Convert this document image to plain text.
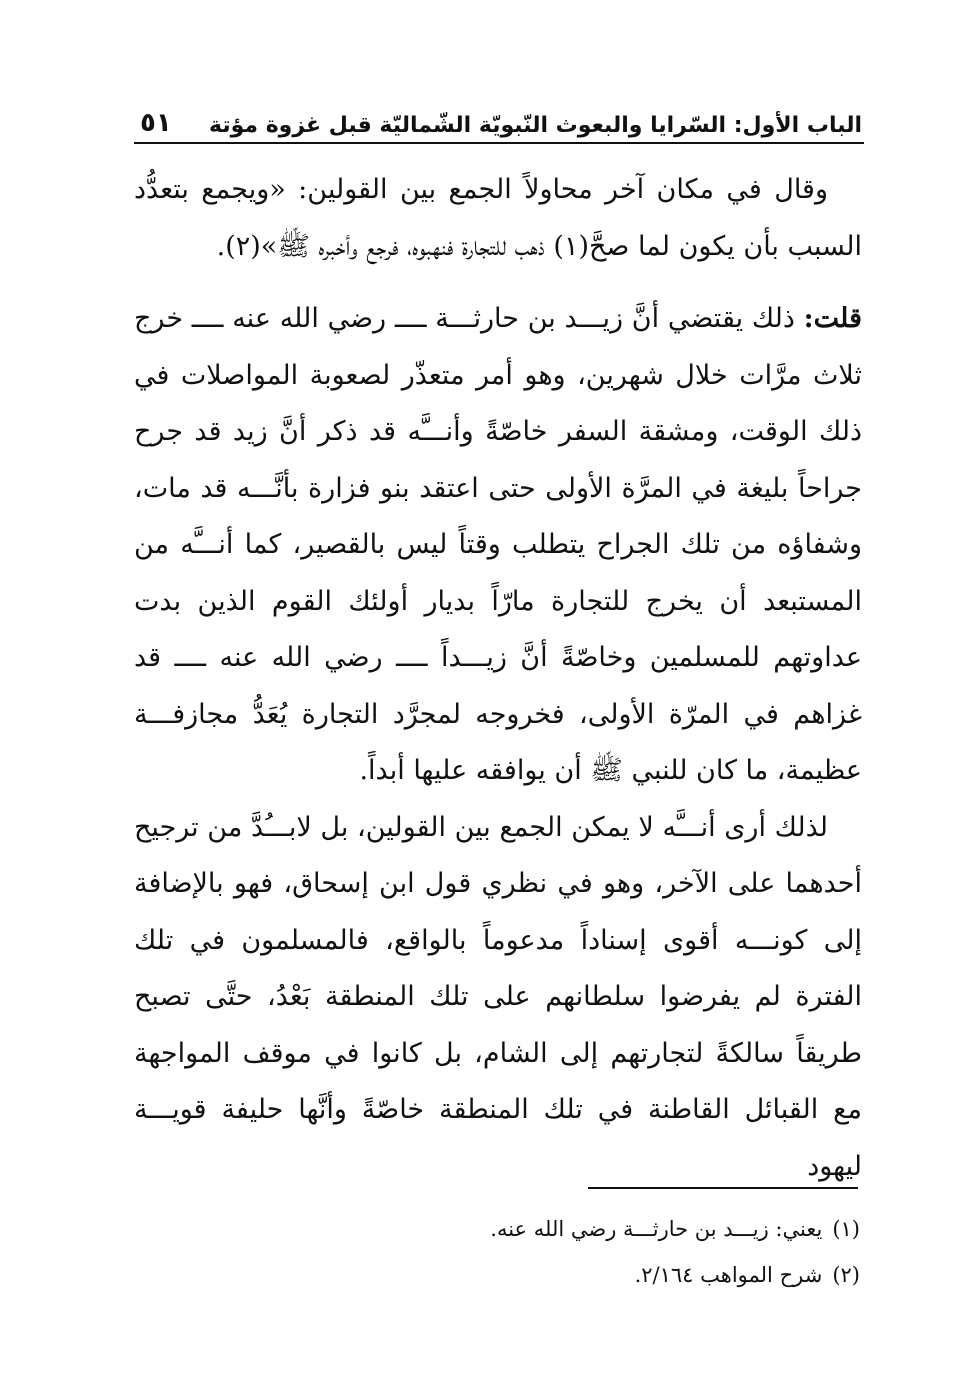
الباب الأول: السّرايا والبعوث النّبويّة الشّماليّة قبل غزوة مؤتة
٥١

وقال في مكان آخر محاولاً الجمع بين القولين: «ويجمع بتعدُّد السبب بأن يكون لما صحَّ(١) ذهب للتجارة فنهبوه، فرجع وأخبره ﷺ»(٢).

قلت: ذلك يقتضي أنَّ زيـــد بن حارثـــة ــــ رضي الله عنه ــــ خرج ثلاث مرَّات خلال شهرين، وهو أمر متعذّر لصعوبة المواصلات في ذلك الوقت، ومشقة السفر خاصّةً وأنـــَّه قد ذكر أنَّ زيد قد جرح جراحاً بليغة في المرَّة الأولى حتى اعتقد بنو فزارة بأنَّـــه قد مات، وشفاؤه من تلك الجراح يتطلب وقتاً ليس بالقصير، كما أنـــَّه من المستبعد أن يخرج للتجارة مارّاً بديار أولئك القوم الذين بدت عداوتهم للمسلمين وخاصّةً أنَّ زيـــداً ــــ رضي الله عنه ــــ قد غزاهم في المرّة الأولى، فخروجه لمجرَّد التجارة يُعَدُّ مجازفـــة عظيمة، ما كان للنبي ﷺ أن يوافقه عليها أبداً.

لذلك أرى أنـــَّه لا يمكن الجمع بين القولين، بل لابـــُدَّ من ترجيح أحدهما على الآخر، وهو في نظري قول ابن إسحاق، فهو بالإضافة إلى كونـــه أقوى إسناداً مدعوماً بالواقع، فالمسلمون في تلك الفترة لم يفرضوا سلطانهم على تلك المنطقة بَعْدُ، حتَّى تصبح طريقاً سالكةً لتجارتهم إلى الشام، بل كانوا في موقف المواجهة مع القبائل القاطنة في تلك المنطقة خاصّةً وأنَّها حليفة قويـــة ليهود

(١)يعني: زيـــد بن حارثـــة رضي الله عنه.

(٢)شرح المواهب ٢/١٦٤.
